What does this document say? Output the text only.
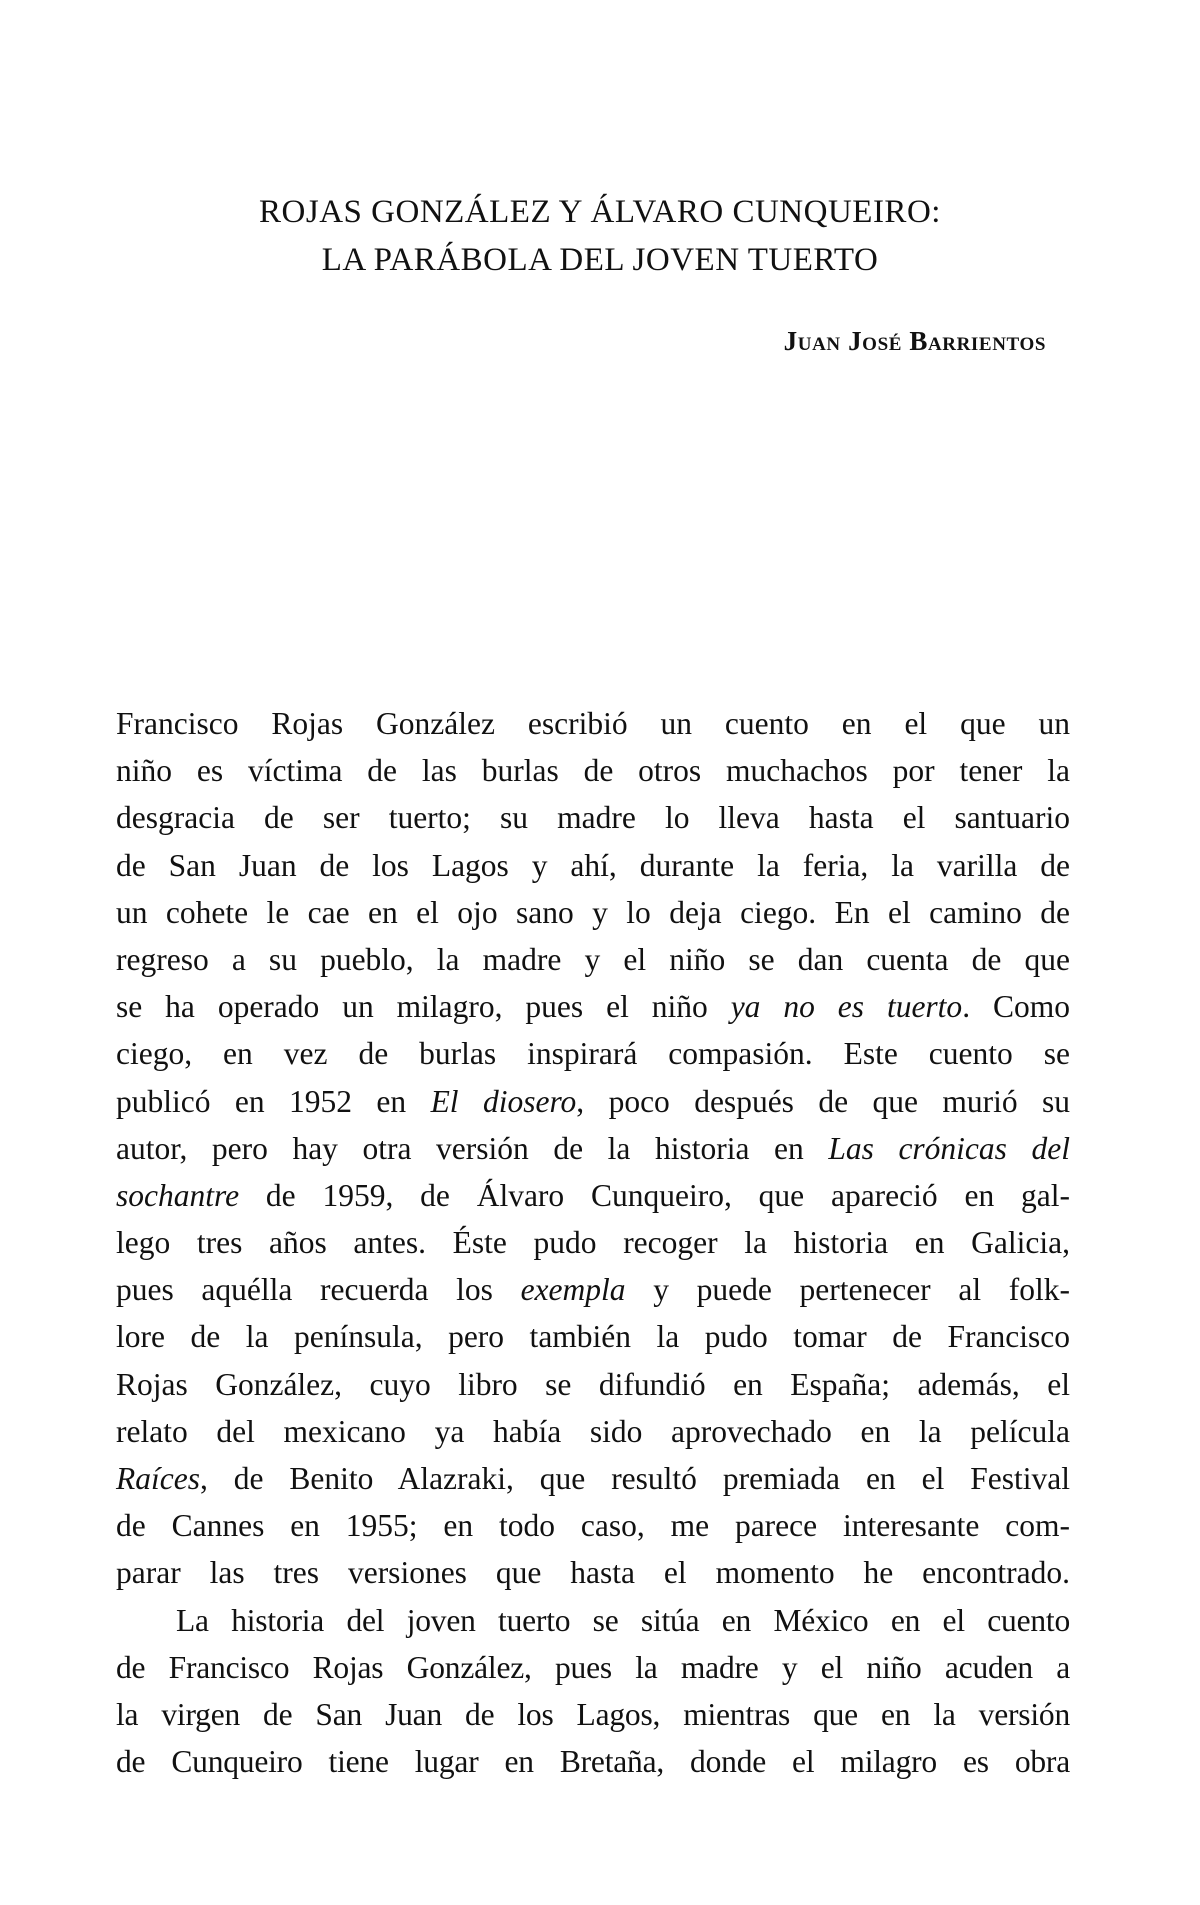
ROJAS GONZÁLEZ Y ÁLVARO CUNQUEIRO:
LA PARÁBOLA DEL JOVEN TUERTO
Juan José Barrientos
Francisco Rojas González escribió un cuento en el que un
niño es víctima de las burlas de otros muchachos por tener la
desgracia de ser tuerto; su madre lo lleva hasta el santuario
de San Juan de los Lagos y ahí, durante la feria, la varilla de
un cohete le cae en el ojo sano y lo deja ciego. En el camino de
regreso a su pueblo, la madre y el niño se dan cuenta de que
se ha operado un milagro, pues el niño ya no es tuerto. Como
ciego, en vez de burlas inspirará compasión. Este cuento se
publicó en 1952 en El diosero, poco después de que murió su
autor, pero hay otra versión de la historia en Las crónicas del
sochantre de 1959, de Álvaro Cunqueiro, que apareció en gal-
lego tres años antes. Éste pudo recoger la historia en Galicia,
pues aquélla recuerda los exempla y puede pertenecer al folk-
lore de la península, pero también la pudo tomar de Francisco
Rojas González, cuyo libro se difundió en España; además, el
relato del mexicano ya había sido aprovechado en la película
Raíces, de Benito Alazraki, que resultó premiada en el Festival
de Cannes en 1955; en todo caso, me parece interesante com-
parar las tres versiones que hasta el momento he encontrado.
La historia del joven tuerto se sitúa en México en el cuento
de Francisco Rojas González, pues la madre y el niño acuden a
la virgen de San Juan de los Lagos, mientras que en la versión
de Cunqueiro tiene lugar en Bretaña, donde el milagro es obra
